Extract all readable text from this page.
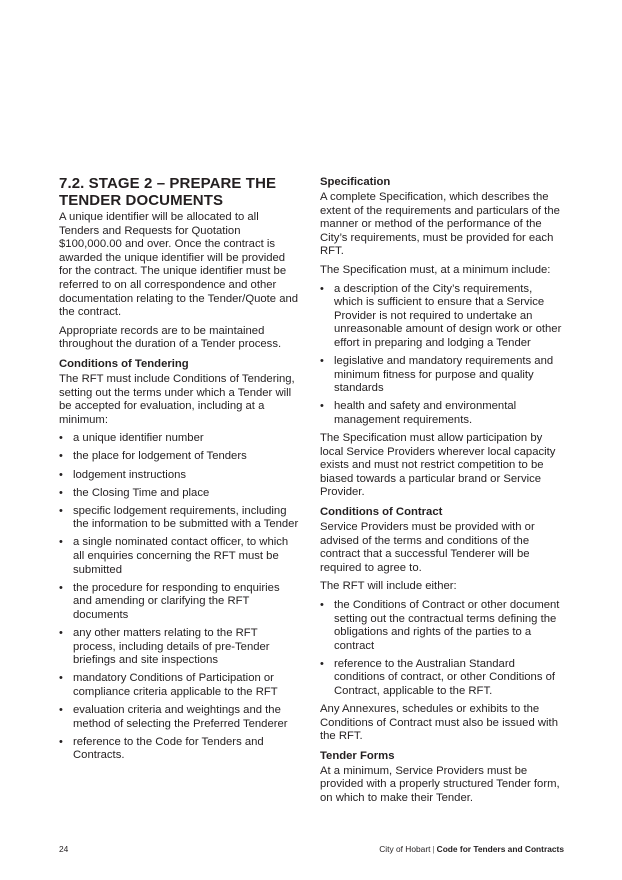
7.2. STAGE 2 – PREPARE THE TENDER DOCUMENTS

A unique identifier will be allocated to all Tenders and Requests for Quotation $100,000.00 and over. Once the contract is awarded the unique identifier will be provided for the contract. The unique identifier must be referred to on all correspondence and other documentation relating to the Tender/Quote and the contract.

Appropriate records are to be maintained throughout the duration of a Tender process.

Conditions of Tendering

The RFT must include Conditions of Tendering, setting out the terms under which a Tender will be accepted for evaluation, including at a minimum:

• a unique identifier number
• the place for lodgement of Tenders
• lodgement instructions
• the Closing Time and place
• specific lodgement requirements, including the information to be submitted with a Tender
• a single nominated contact officer, to which all enquiries concerning the RFT must be submitted
• the procedure for responding to enquiries and amending or clarifying the RFT documents
• any other matters relating to the RFT process, including details of pre-Tender briefings and site inspections
• mandatory Conditions of Participation or compliance criteria applicable to the RFT
• evaluation criteria and weightings and the method of selecting the Preferred Tenderer
• reference to the Code for Tenders and Contracts.
Specification

A complete Specification, which describes the extent of the requirements and particulars of the manner or method of the performance of the City’s requirements, must be provided for each RFT.

The Specification must, at a minimum include:

• a description of the City’s requirements, which is sufficient to ensure that a Service Provider is not required to undertake an unreasonable amount of design work or other effort in preparing and lodging a Tender
• legislative and mandatory requirements and minimum fitness for purpose and quality standards
• health and safety and environmental management requirements.

The Specification must allow participation by local Service Providers wherever local capacity exists and must not restrict competition to be biased towards a particular brand or Service Provider.

Conditions of Contract

Service Providers must be provided with or advised of the terms and conditions of the contract that a successful Tenderer will be required to agree to.

The RFT will include either:

• the Conditions of Contract or other document setting out the contractual terms defining the obligations and rights of the parties to a contract
• reference to the Australian Standard conditions of contract, or other Conditions of Contract, applicable to the RFT.

Any Annexures, schedules or exhibits to the Conditions of Contract must also be issued with the RFT.

Tender Forms

At a minimum, Service Providers must be provided with a properly structured Tender form, on which to make their Tender.

24	City of Hobart | Code for Tenders and Contracts
